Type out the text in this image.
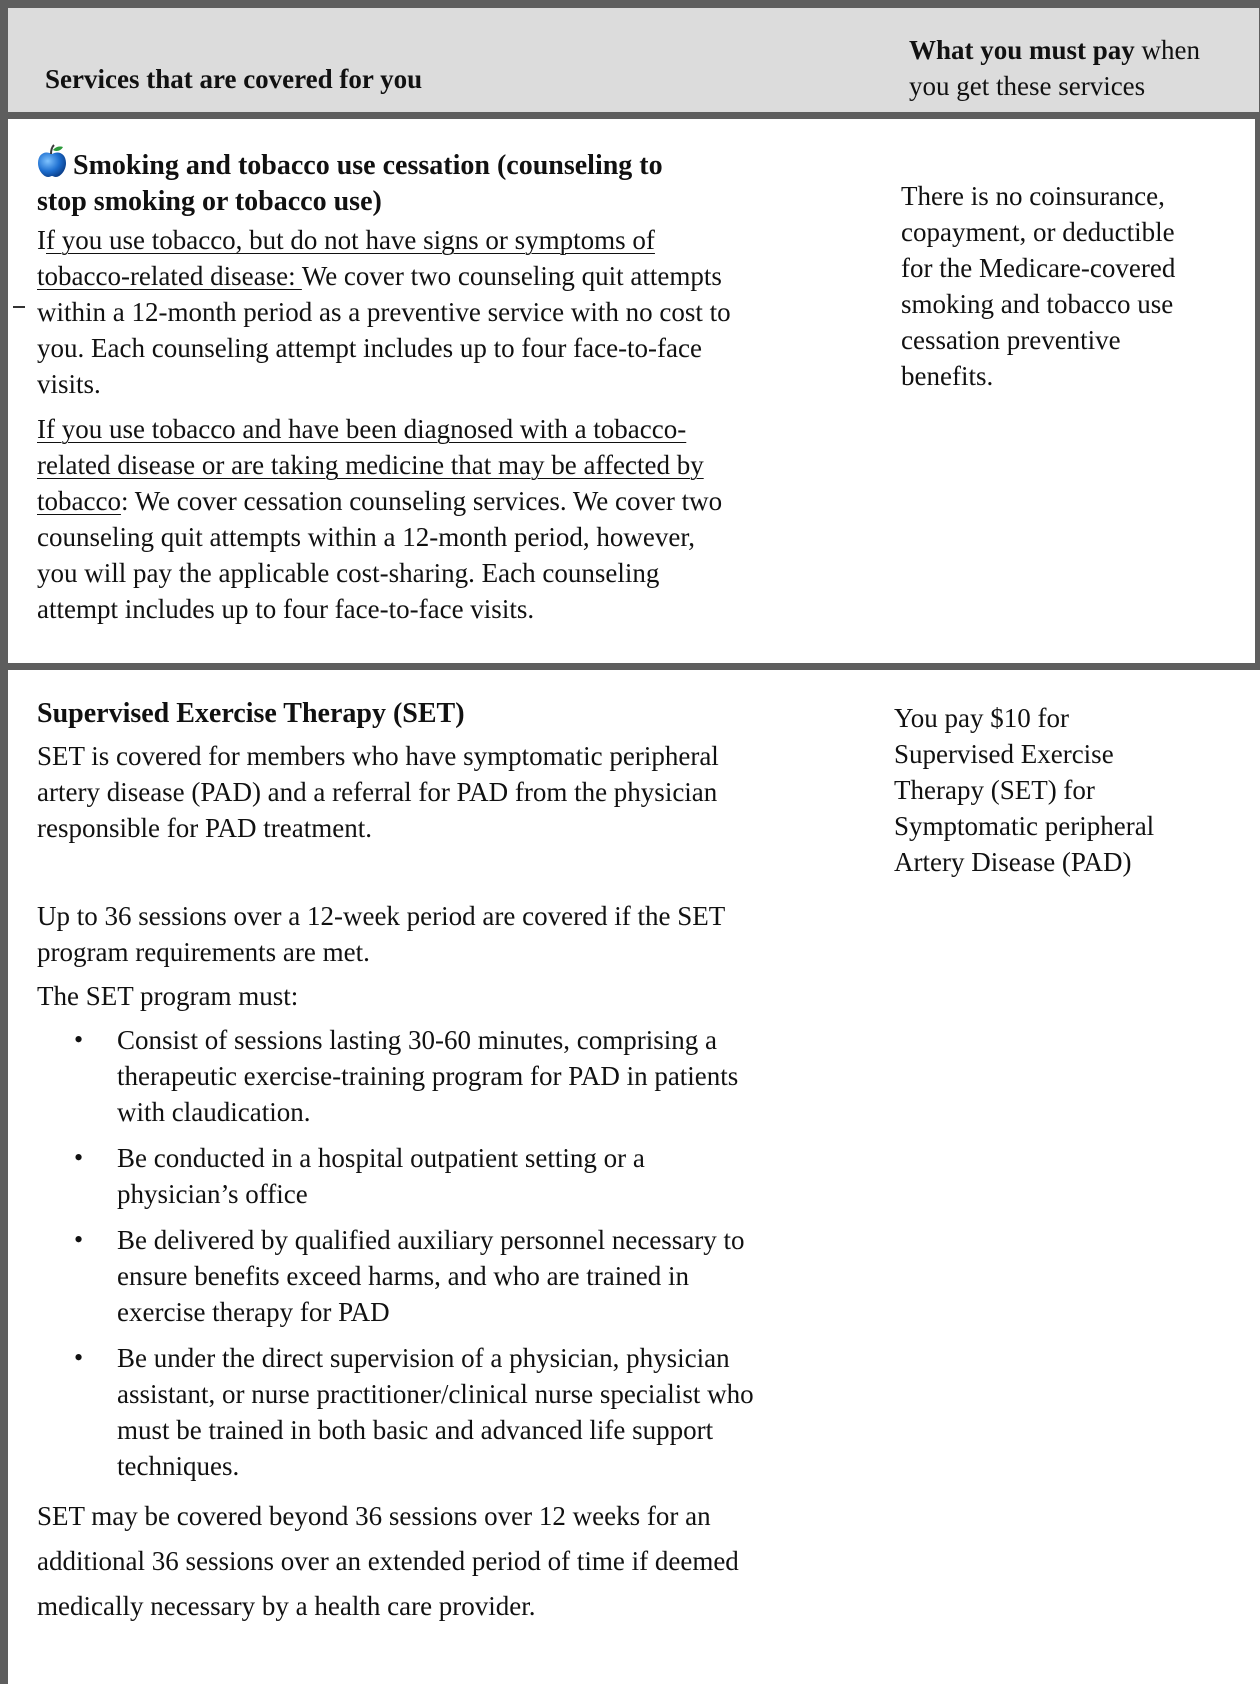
Services that are covered for you
What you must pay when
you get these services
Smoking and tobacco use cessation (counseling to
stop smoking or tobacco use)

If you use tobacco, but do not have signs or symptoms of
tobacco-related disease: We cover two counseling quit attempts
within a 12-month period as a preventive service with no cost to
you. Each counseling attempt includes up to four face-to-face
visits.

If you use tobacco and have been diagnosed with a tobacco-
related disease or are taking medicine that may be affected by
tobacco: We cover cessation counseling services. We cover two
counseling quit attempts within a 12-month period, however,
you will pay the applicable cost-sharing. Each counseling
attempt includes up to four face-to-face visits.

There is no coinsurance,
copayment, or deductible
for the Medicare-covered
smoking and tobacco use
cessation preventive
benefits.
Supervised Exercise Therapy (SET)

SET is covered for members who have symptomatic peripheral
artery disease (PAD) and a referral for PAD from the physician
responsible for PAD treatment.

Up to 36 sessions over a 12-week period are covered if the SET
program requirements are met.

The SET program must:

• Consist of sessions lasting 30-60 minutes, comprising a
therapeutic exercise-training program for PAD in patients
with claudication.
• Be conducted in a hospital outpatient setting or a
physician’s office
• Be delivered by qualified auxiliary personnel necessary to
ensure benefits exceed harms, and who are trained in
exercise therapy for PAD
• Be under the direct supervision of a physician, physician
assistant, or nurse practitioner/clinical nurse specialist who
must be trained in both basic and advanced life support
techniques.

SET may be covered beyond 36 sessions over 12 weeks for an
additional 36 sessions over an extended period of time if deemed
medically necessary by a health care provider.

You pay $10 for
Supervised Exercise
Therapy (SET) for
Symptomatic peripheral
Artery Disease (PAD)
